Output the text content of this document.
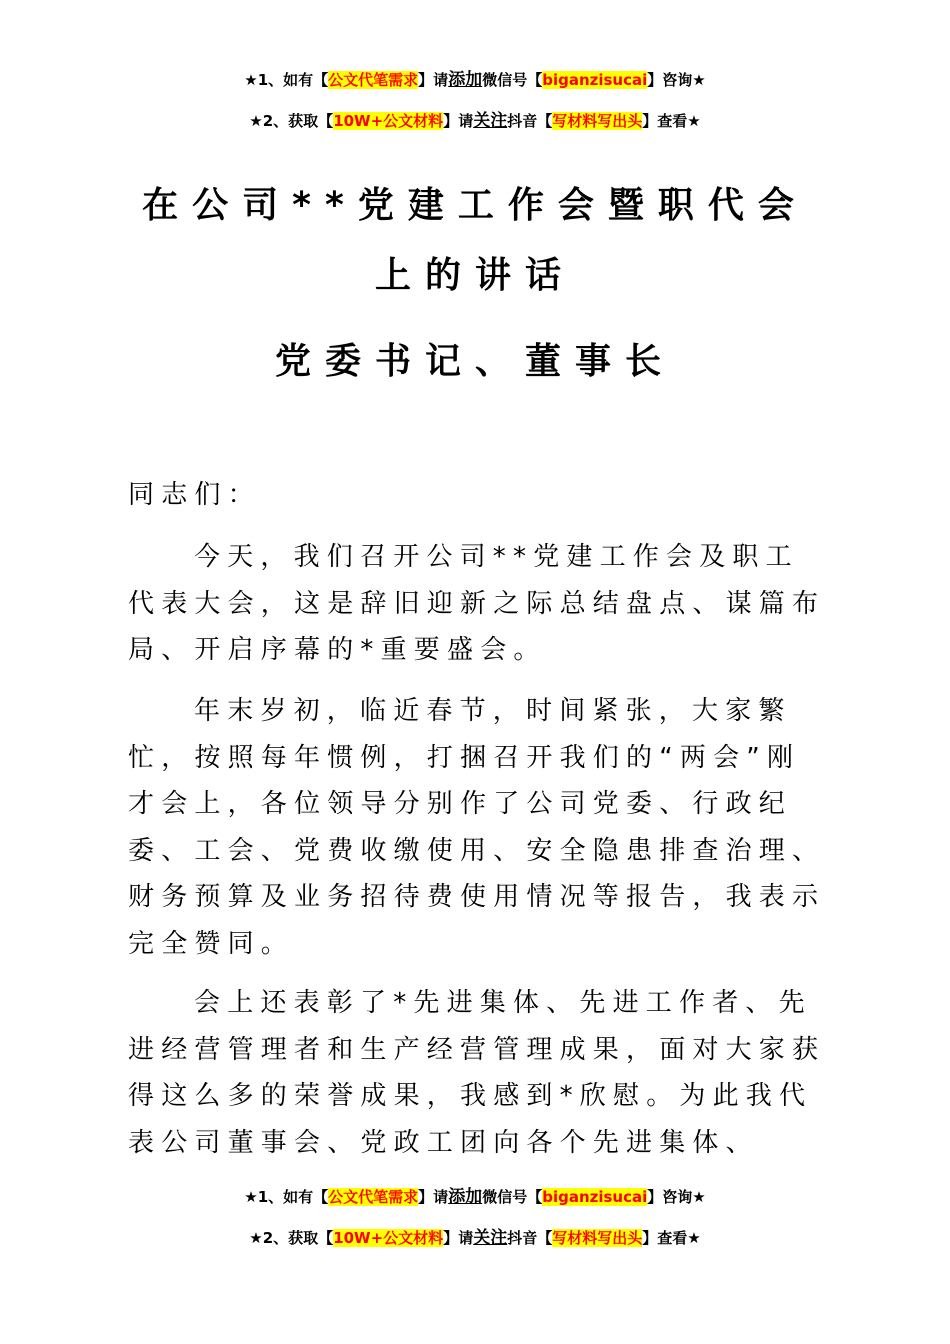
★1、如有【公文代笔需求】请添加微信号【biganzisucai】咨询★
★2、获取【10W+公文材料】请关注抖音【写材料写出头】查看★
在公司**党建工作会暨职代会
上的讲话
党委书记、董事长

同志们：

今天，我们召开公司**党建工作会及职工代表大会，这是辞旧迎新之际总结盘点、谋篇布局、开启序幕的*重要盛会。

年末岁初，临近春节，时间紧张，大家繁忙，按照每年惯例，打捆召开我们的“两会”刚才会上，各位领导分别作了公司党委、行政纪委、工会、党费收缴使用、安全隐患排查治理、财务预算及业务招待费使用情况等报告，我表示完全赞同。

会上还表彰了*先进集体、先进工作者、先进经营管理者和生产经营管理成果，面对大家获得这么多的荣誉成果，我感到*欣慰。为此我代表公司董事会、党政工团向各个先进集体、

★1、如有【公文代笔需求】请添加微信号【biganzisucai】咨询★
★2、获取【10W+公文材料】请关注抖音【写材料写出头】查看★
